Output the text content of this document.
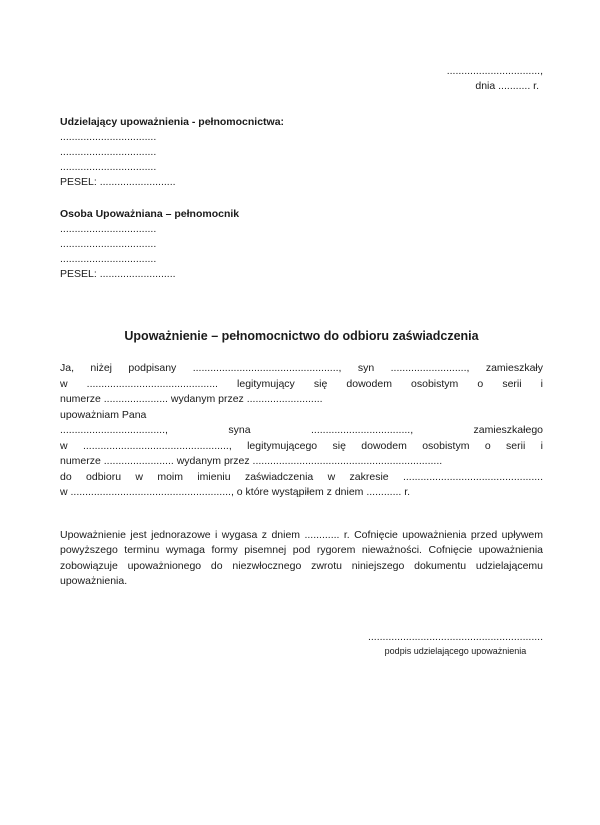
................................,
dnia ........... r.
Udzielający upoważnienia - pełnomocnictwa:
.................................
.................................
.................................
PESEL: ..........................
Osoba Upoważniana – pełnomocnik
.................................
.................................
.................................
PESEL: ..........................
Upoważnienie – pełnomocnictwo do odbioru zaświadczenia
Ja, niżej podpisany .................................................., syn .........................., zamieszkały
w ............................................. legitymujący się dowodem osobistym o serii i
numerze ...................... wydanym przez ..........................
upoważniam Pana
...................................., syna .................................., zamieszkałego
w .................................................., legitymującego się dowodem osobistym o serii i
numerze ........................ wydanym przez .................................................................
do odbioru w moim imieniu zaświadczenia w zakresie ................................................
w ......................................................., o które wystąpiłem z dniem ............ r.

Upoważnienie jest jednorazowe i wygasa z dniem ............ r. Cofnięcie upoważnienia przed upływem powyższego terminu wymaga formy pisemnej pod rygorem nieważności. Cofnięcie upoważnienia zobowiązuje upoważnionego do niezwłocznego zwrotu niniejszego dokumentu udzielającemu upoważnienia.

............................................................
podpis udzielającego upoważnienia
